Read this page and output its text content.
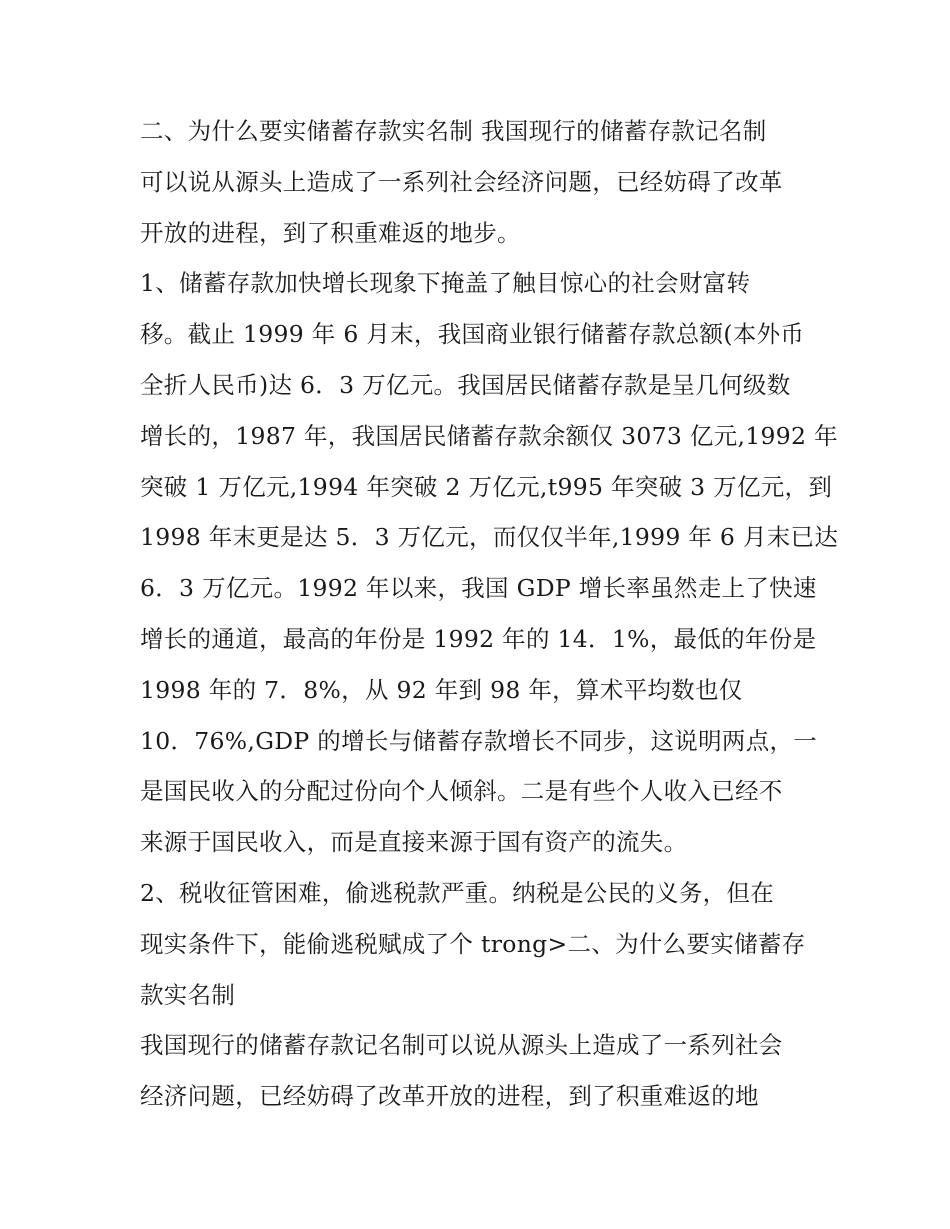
二、为什么要实储蓄存款实名制 我国现行的储蓄存款记名制
可以说从源头上造成了一系列社会经济问题，已经妨碍了改革
开放的进程，到了积重难返的地步。
1、储蓄存款加快增长现象下掩盖了触目惊心的社会财富转
移。截止 1999 年 6 月末，我国商业银行储蓄存款总额(本外币
全折人民币)达 6．3 万亿元。我国居民储蓄存款是呈几何级数
增长的，1987 年，我国居民储蓄存款余额仅 3073 亿元,1992 年
突破 1 万亿元,1994 年突破 2 万亿元,t995 年突破 3 万亿元，到
1998 年末更是达 5．3 万亿元，而仅仅半年,1999 年 6 月末已达
6．3 万亿元。1992 年以来，我国 GDP 增长率虽然走上了快速
增长的通道，最高的年份是 1992 年的 14．1%，最低的年份是
1998 年的 7．8%，从 92 年到 98 年，算术平均数也仅
10．76%,GDP 的增长与储蓄存款增长不同步，这说明两点，一
是国民收入的分配过份向个人倾斜。二是有些个人收入已经不
来源于国民收入，而是直接来源于国有资产的流失。
2、税收征管困难，偷逃税款严重。纳税是公民的义务，但在
现实条件下，能偷逃税赋成了个 trong>二、为什么要实储蓄存
款实名制
我国现行的储蓄存款记名制可以说从源头上造成了一系列社会
经济问题，已经妨碍了改革开放的进程，到了积重难返的地
